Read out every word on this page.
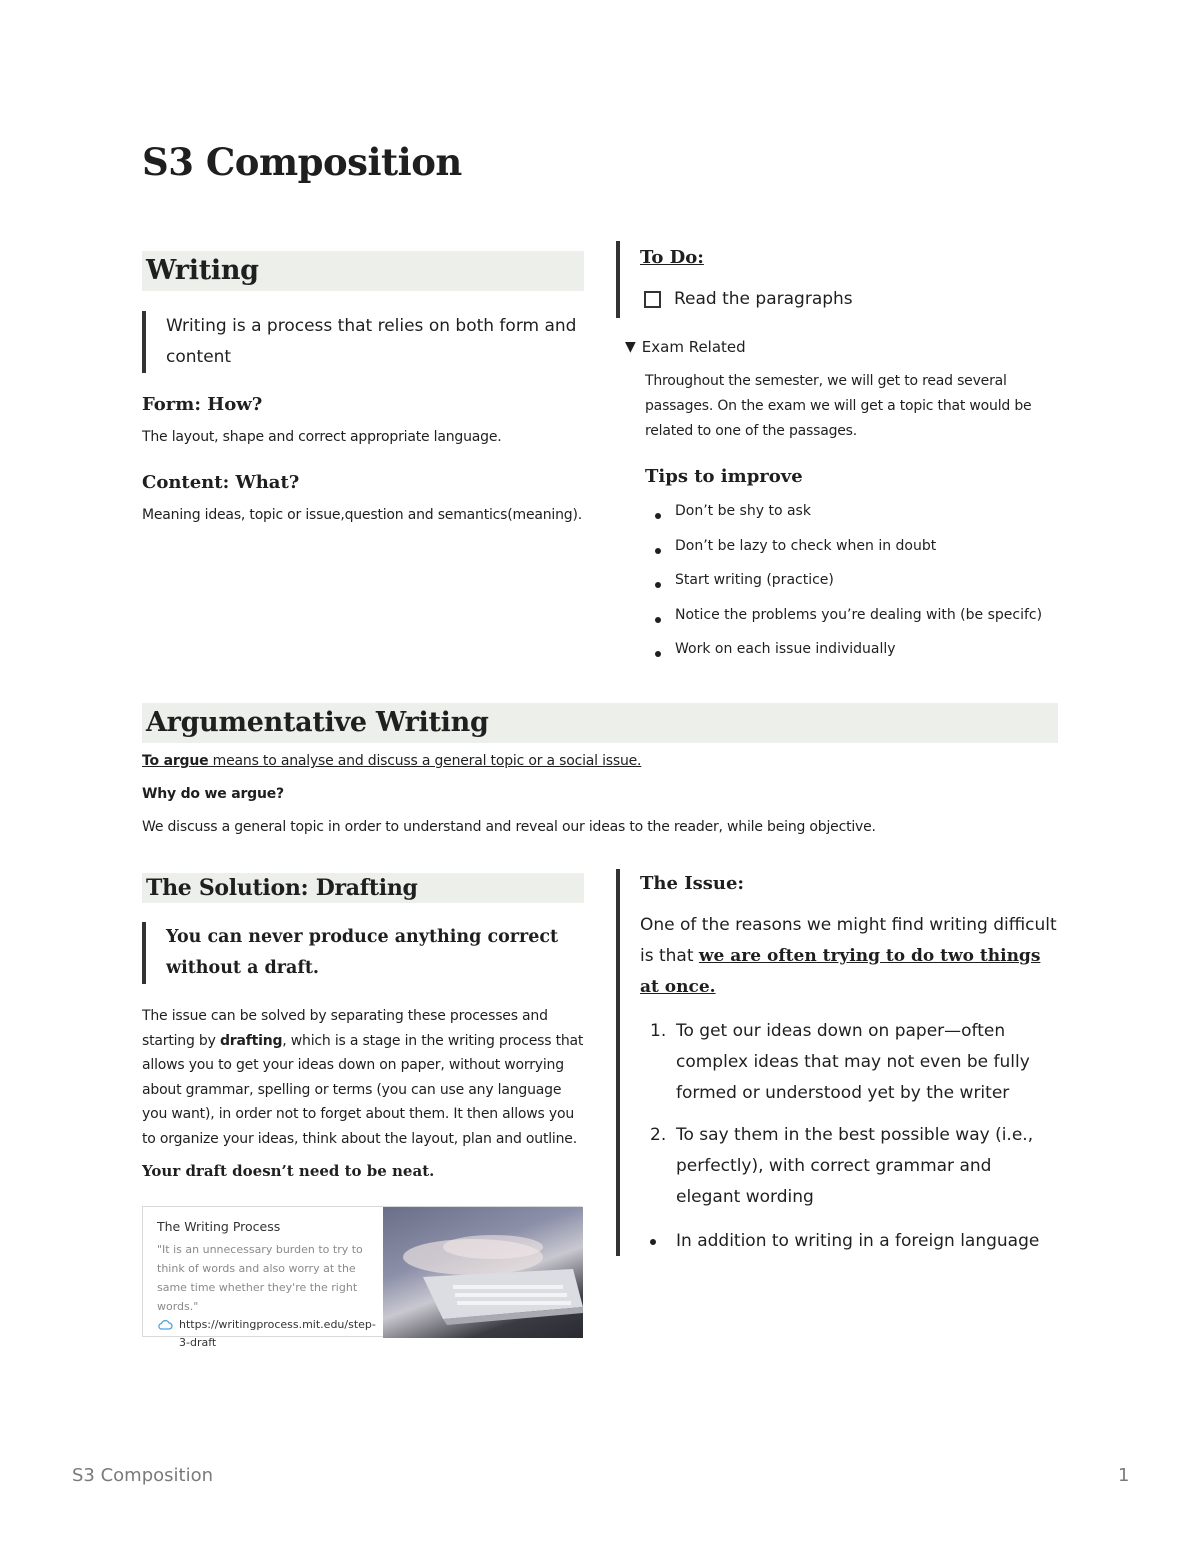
S3 Composition
Writing
Writing is a process that relies on both form and content
Form: How?
The layout, shape and correct appropriate language.
Content: What?
Meaning ideas, topic or issue,question and semantics(meaning).
To Do:
Read the paragraphs
▼ Exam Related
Throughout the semester, we will get to read several passages. On the exam we will get a topic that would be related to one of the passages.
Tips to improve
Don’t be shy to ask
Don’t be lazy to check when in doubt
Start writing (practice)
Notice the problems you’re dealing with (be specifc)
Work on each issue individually
Argumentative Writing
To argue means to analyse and discuss a general topic or a social issue.
Why do we argue?
We discuss a general topic in order to understand and reveal our ideas to the reader, while being objective.
The Solution: Drafting
You can never produce anything correct without a draft.
The issue can be solved by separating these processes and starting by drafting, which is a stage in the writing process that allows you to get your ideas down on paper, without worrying about grammar, spelling or terms (you can use any language you want), in order not to forget about them. It then allows you to organize your ideas, think about the layout, plan and outline.
Your draft doesn’t need to be neat.
The Writing Process
"It is an unnecessary burden to try to think of words and also worry at the same time whether they're the right words."
https://writingprocess.mit.edu/step-3-draft
The Issue:
One of the reasons we might find writing difficult is that we are often trying to do two things at once.
1. To get our ideas down on paper—often complex ideas that may not even be fully formed or understood yet by the writer
2. To say them in the best possible way (i.e., perfectly), with correct grammar and elegant wording
In addition to writing in a foreign language
S3 Composition	1
